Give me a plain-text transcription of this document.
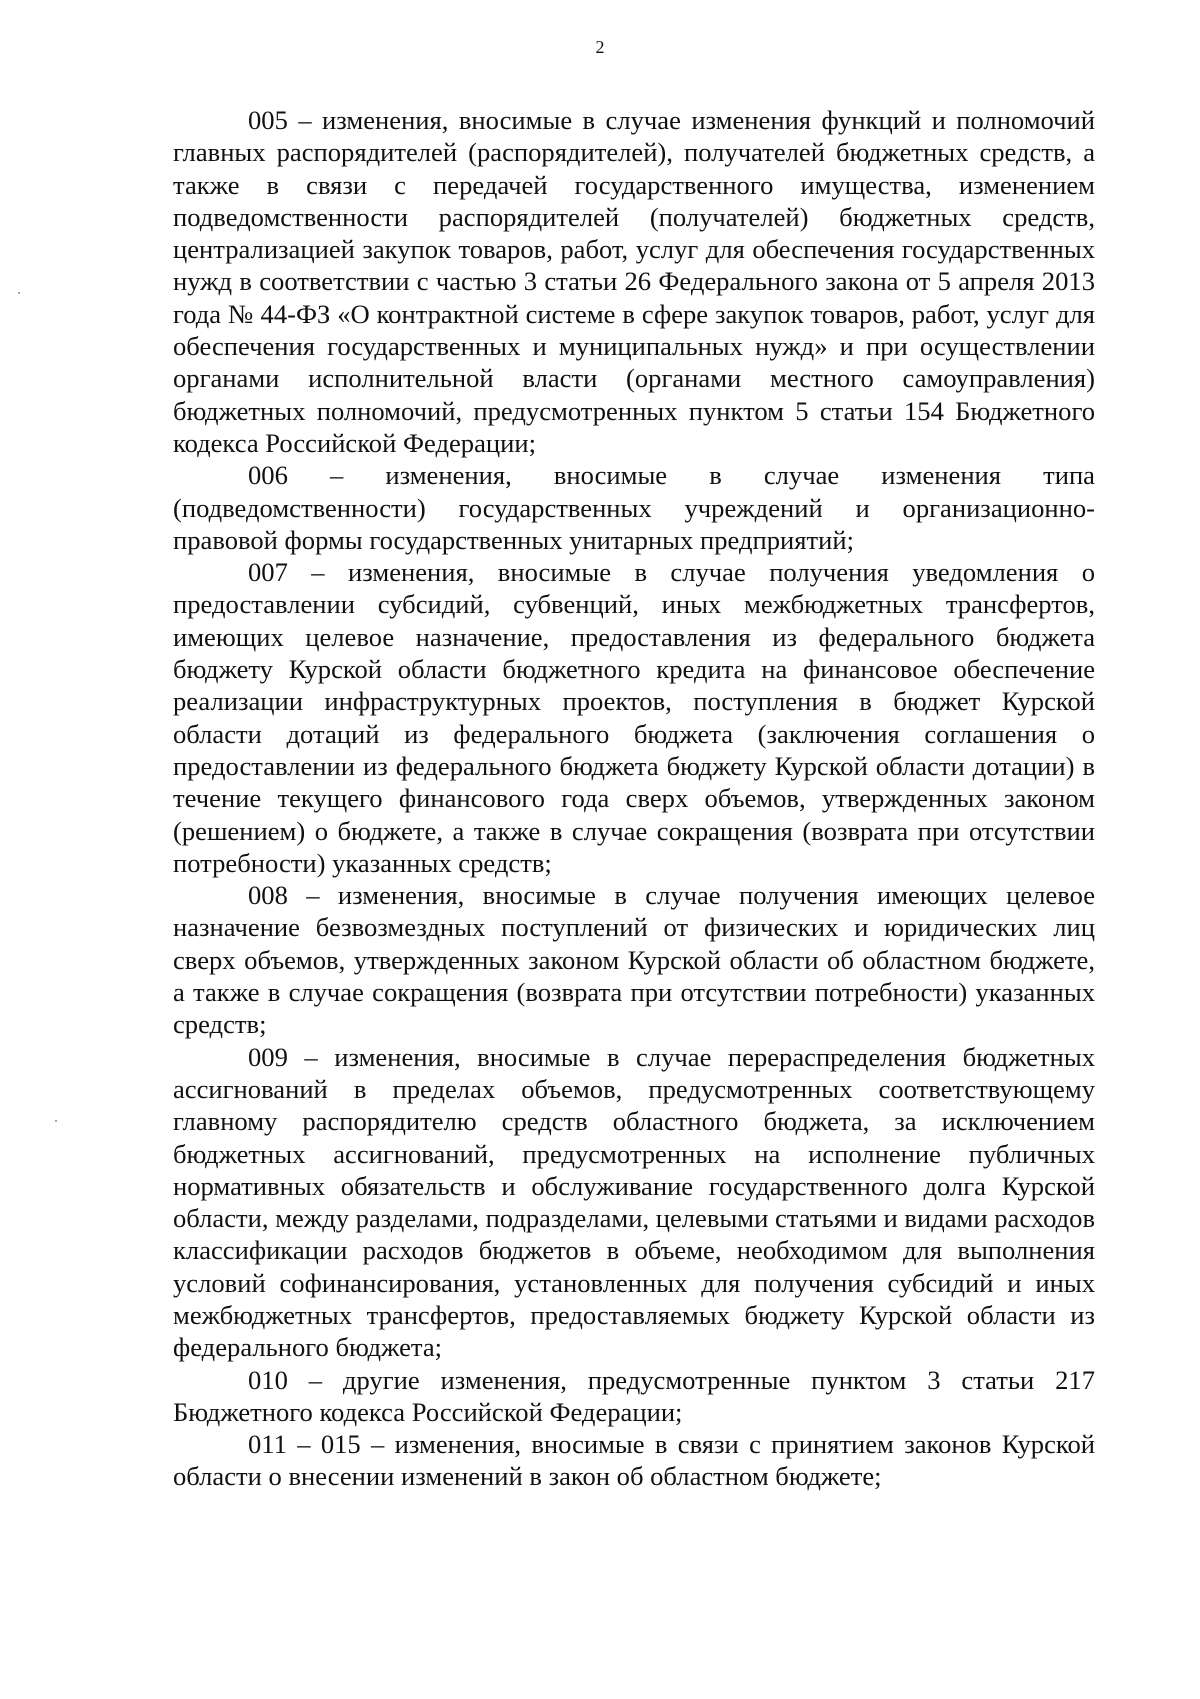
2

005 – изменения, вносимые в случае изменения функций и полномочий главных распорядителей (распорядителей), получателей бюджетных средств, а также в связи с передачей государственного имущества, изменением подведомственности распорядителей (получателей) бюджетных средств, централизацией закупок товаров, работ, услуг для обеспечения государственных нужд в соответствии с частью 3 статьи 26 Федерального закона от 5 апреля 2013 года № 44-ФЗ «О контрактной системе в сфере закупок товаров, работ, услуг для обеспечения государственных и муниципальных нужд» и при осуществлении органами исполнительной власти (органами местного самоуправления) бюджетных полномочий, предусмотренных пунктом 5 статьи 154 Бюджетного кодекса Российской Федерации;

006 – изменения, вносимые в случае изменения типа (подведомственности) государственных учреждений и организационно-правовой формы государственных унитарных предприятий;

007 – изменения, вносимые в случае получения уведомления о предоставлении субсидий, субвенций, иных межбюджетных трансфертов, имеющих целевое назначение, предоставления из федерального бюджета бюджету Курской области бюджетного кредита на финансовое обеспечение реализации инфраструктурных проектов, поступления в бюджет Курской области дотаций из федерального бюджета (заключения соглашения о предоставлении из федерального бюджета бюджету Курской области дотации) в течение текущего финансового года сверх объемов, утвержденных законом (решением) о бюджете, а также в случае сокращения (возврата при отсутствии потребности) указанных средств;

008 – изменения, вносимые в случае получения имеющих целевое назначение безвозмездных поступлений от физических и юридических лиц сверх объемов, утвержденных законом Курской области об областном бюджете, а также в случае сокращения (возврата при отсутствии потребности) указанных средств;

009 – изменения, вносимые в случае перераспределения бюджетных ассигнований в пределах объемов, предусмотренных соответствующему главному распорядителю средств областного бюджета, за исключением бюджетных ассигнований, предусмотренных на исполнение публичных нормативных обязательств и обслуживание государственного долга Курской области, между разделами, подразделами, целевыми статьями и видами расходов классификации расходов бюджетов в объеме, необходимом для выполнения условий софинансирования, установленных для получения субсидий и иных межбюджетных трансфертов, предоставляемых бюджету Курской области из федерального бюджета;

010 – другие изменения, предусмотренные пунктом 3 статьи 217 Бюджетного кодекса Российской Федерации;

011 – 015 – изменения, вносимые в связи с принятием законов Курской области о внесении изменений в закон об областном бюджете;
